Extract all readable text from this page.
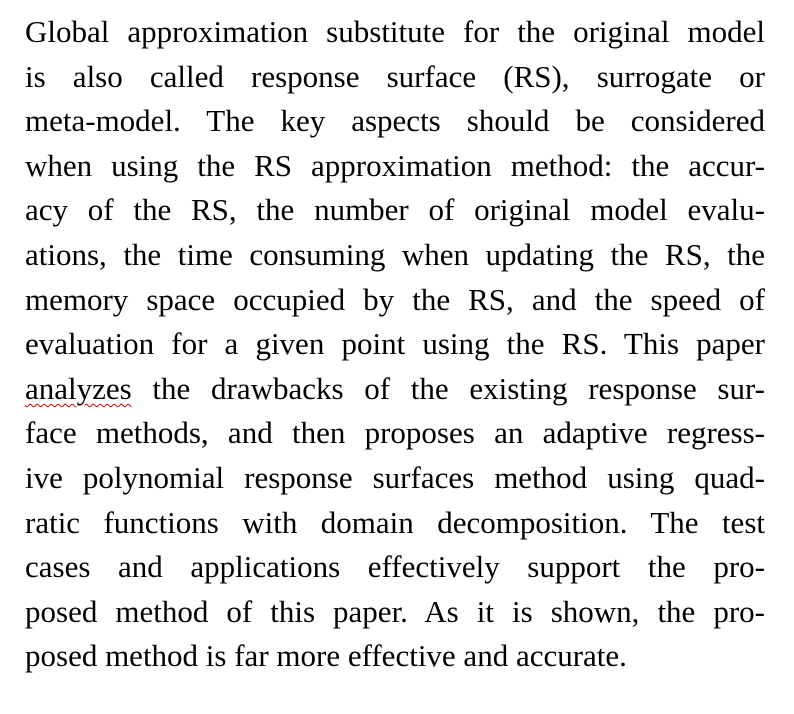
Global approximation substitute for the original model
is also called response surface (RS), surrogate or
meta-model. The key aspects should be considered
when using the RS approximation method: the accur-
acy of the RS, the number of original model evalu-
ations, the time consuming when updating the RS, the
memory space occupied by the RS, and the speed of
evaluation for a given point using the RS. This paper
analyzes the drawbacks of the existing response sur-
face methods, and then proposes an adaptive regress-
ive polynomial response surfaces method using quad-
ratic functions with domain decomposition. The test
cases and applications effectively support the pro-
posed method of this paper. As it is shown, the pro-
posed method is far more effective and accurate.
